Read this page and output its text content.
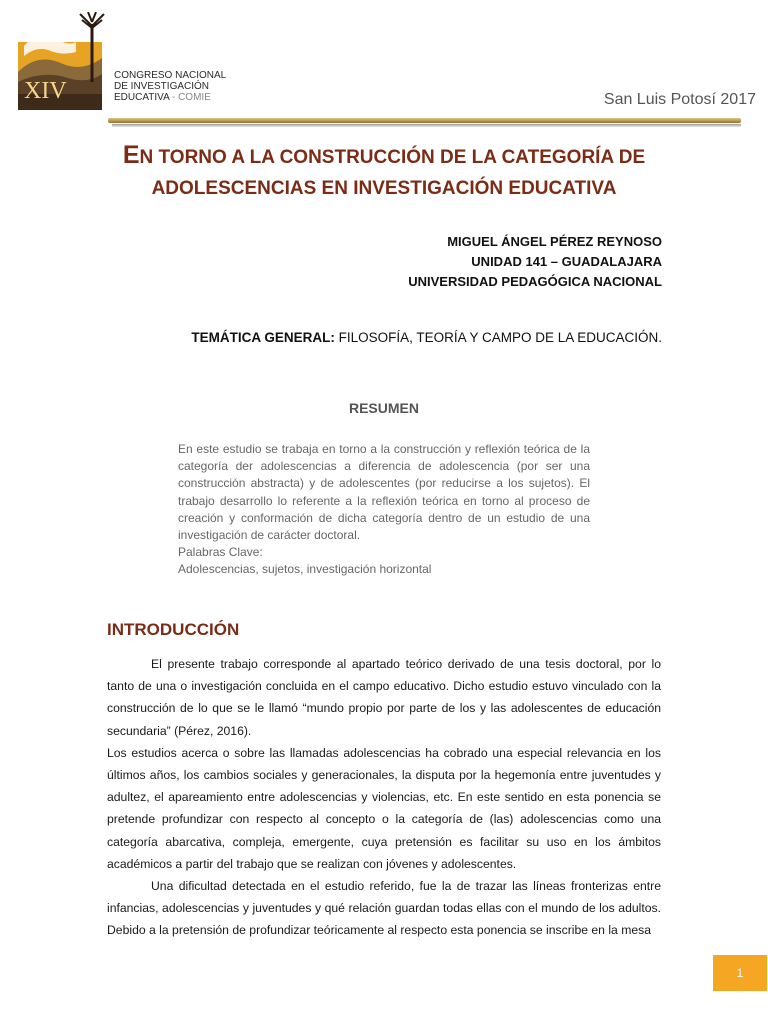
XIV
CONGRESO NACIONAL
DE INVESTIGACIÓN
EDUCATIVA - COMIE	San Luis Potosí 2017
EN TORNO A LA CONSTRUCCIÓN DE LA CATEGORÍA DE
ADOLESCENCIAS EN INVESTIGACIÓN EDUCATIVA
MIGUEL ÁNGEL PÉREZ REYNOSO
UNIDAD 141 – GUADALAJARA
UNIVERSIDAD PEDAGÓGICA NACIONAL
TEMÁTICA GENERAL: FILOSOFÍA, TEORÍA Y CAMPO DE LA EDUCACIÓN.
RESUMEN

En este estudio se trabaja en torno a la construcción y reflexión teórica de la categoría der adolescencias a diferencia de adolescencia (por ser una construcción abstracta) y de adolescentes (por reducirse a los sujetos). El trabajo desarrollo lo referente a la reflexión teórica en torno al proceso de creación y conformación de dicha categoría dentro de un estudio de una investigación de carácter doctoral.

Palabras Clave:

Adolescencias, sujetos, investigación horizontal

INTRODUCCIÓN

El presente trabajo corresponde al apartado teórico derivado de una tesis doctoral, por lo tanto de una o investigación concluida en el campo educativo. Dicho estudio estuvo vinculado con la construcción de lo que se le llamó “mundo propio por parte de los y las adolescentes de educación secundaria” (Pérez, 2016).

Los estudios acerca o sobre las llamadas adolescencias ha cobrado una especial relevancia en los últimos años, los cambios sociales y generacionales, la disputa por la hegemonía entre juventudes y adultez, el apareamiento entre adolescencias y violencias, etc. En este sentido en esta ponencia se pretende profundizar con respecto al concepto o la categoría de (las) adolescencias como una categoría abarcativa, compleja, emergente, cuya pretensión es facilitar su uso en los ámbitos académicos a partir del trabajo que se realizan con jóvenes y adolescentes.

Una dificultad detectada en el estudio referido, fue la de trazar las líneas fronterizas entre infancias, adolescencias y juventudes y qué relación guardan todas ellas con el mundo de los adultos. Debido a la pretensión de profundizar teóricamente al respecto esta ponencia se inscribe en la mesa

1
